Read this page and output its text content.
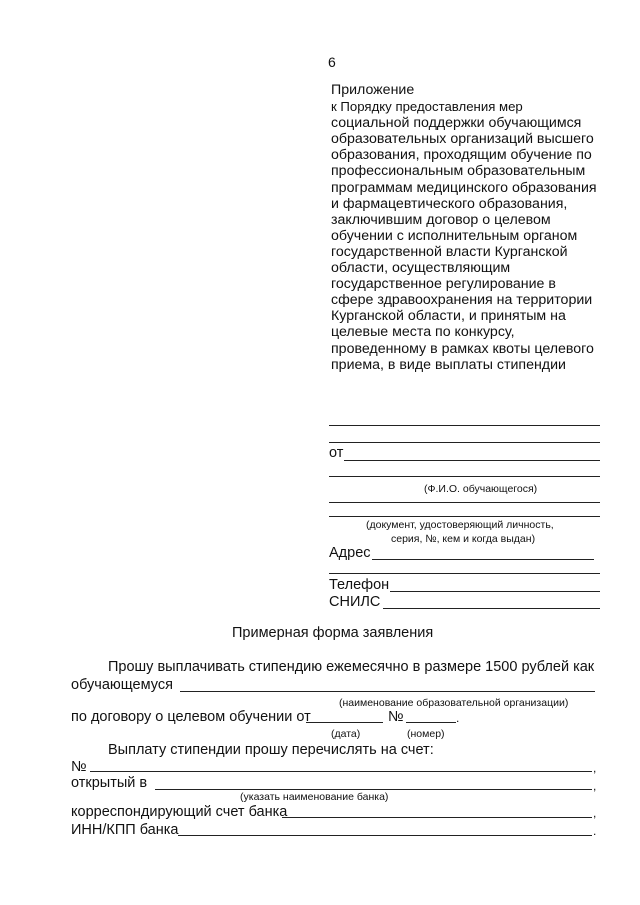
6
Приложение
к Порядку предоставления мер
социальной поддержки обучающимся
образовательных организаций высшего
образования, проходящим обучение по
профессиональным образовательным
программам медицинского образования
и фармацевтического образования,
заключившим договор о целевом
обучении с исполнительным органом
государственной власти Курганской
области, осуществляющим
государственное регулирование в
сфере здравоохранения на территории
Курганской области, и принятым на
целевые места по конкурсу,
проведенному в рамках квоты целевого
приема, в виде выплаты стипендии
от
(Ф.И.О. обучающегося)
(документ, удостоверяющий личность,
серия, №, кем и когда выдан)
Адрес
Телефон
СНИЛС
Примерная форма заявления
Прошу выплачивать стипендию ежемесячно в размере 1500 рублей как
обучающемуся
(наименование образовательной организации)
по договору о целевом обучении от	№	.
(дата)	(номер)
Выплату стипендии прошу перечислять на счет:
№	,
открытый в	,
(указать наименование банка)
корреспондирующий счет банка	,
ИНН/КПП банка	.
